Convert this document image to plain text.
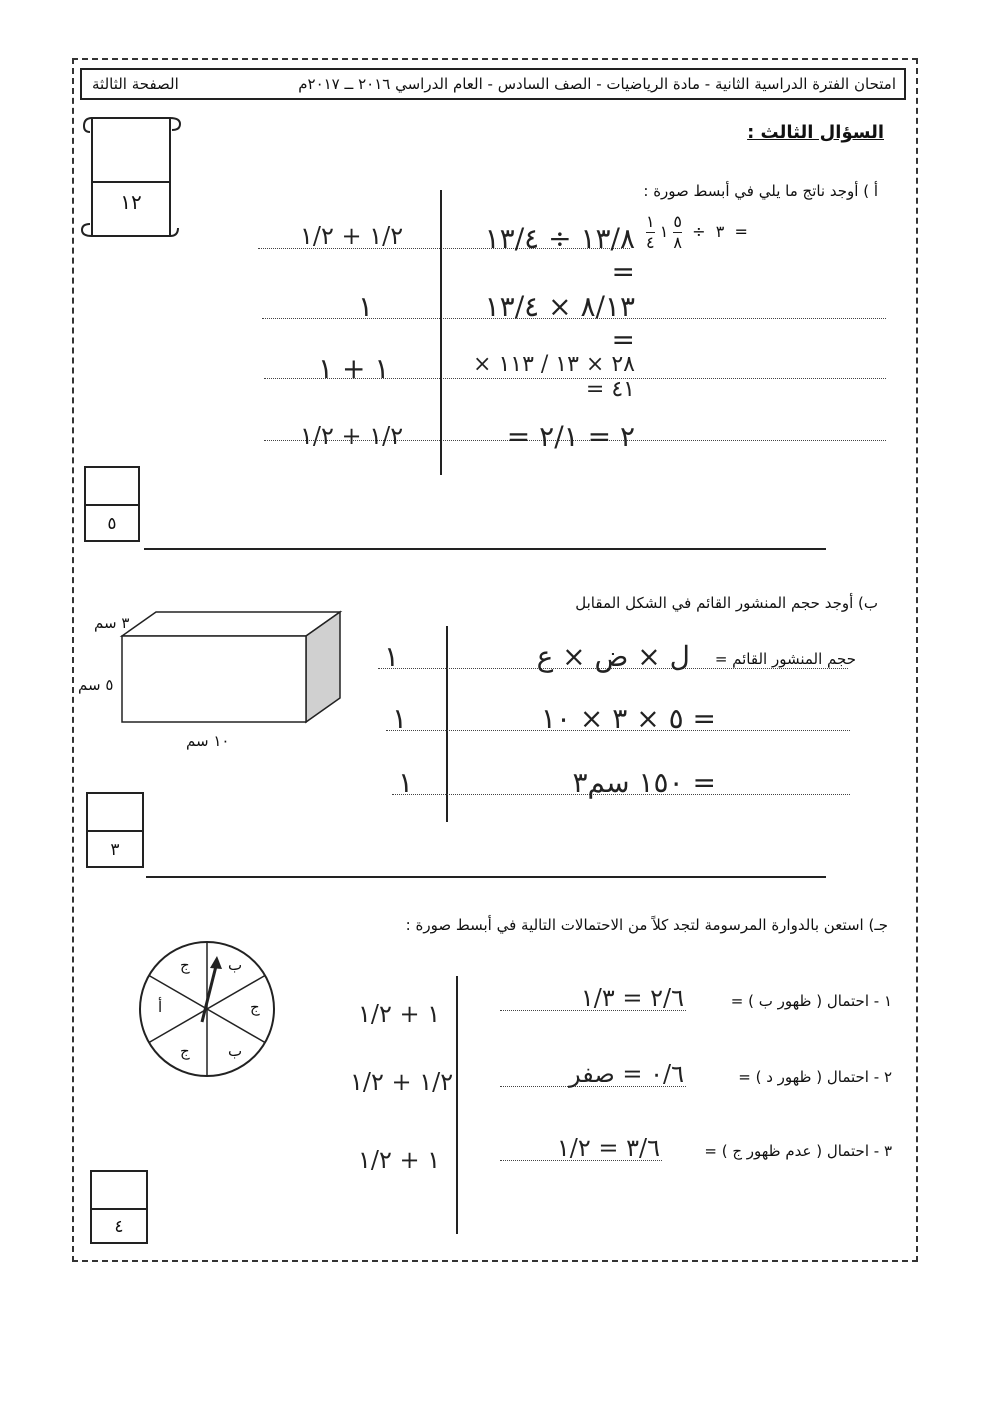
امتحان الفترة الدراسية الثانية - مادة الرياضيات - الصف السادس - العام الدراسي ٢٠١٦ ــ ٢٠١٧م
الصفحة الثالثة
١٢
السؤال الثالث :
أ ) أوجد ناتج ما يلي في أبسط صورة :
$\frac{١}{٤}$	٣  ÷
$\frac{٥}{٨}$
١	=
١٣/٨ ÷ ١٣/٤ =
٨/١٣ × ١٣/٤ =
٢٨ × ١٣ / ١١٣ × ٤١ =
٢ = ٢/١ =
١/٢ + ١/٢
١
١ + ١
١/٢ + ١/٢
٥
ب) أوجد حجم المنشور القائم في الشكل المقابل
٣ سم
٥ سم
١٠ سم
حجم المنشور القائم =
ل × ض × ع
= ٥ × ٣ × ١٠
= ١٥٠ سم٣
١
١
١
٣
جـ) استعن بالدوارة المرسومة لتجد كلاً من الاحتمالات التالية في أبسط صورة :
ب
ج
ب
ج
أ
ج
١ - احتمال ( ظهور ب ) =
٢/٦ = ١/٣
١ + ١/٢
٢ - احتمال ( ظهور د ) =
٠/٦ = صفر
١/٢ + ١/٢
٣ - احتمال ( عدم ظهور ج ) =
٣/٦ = ١/٢
١ + ١/٢
٤
